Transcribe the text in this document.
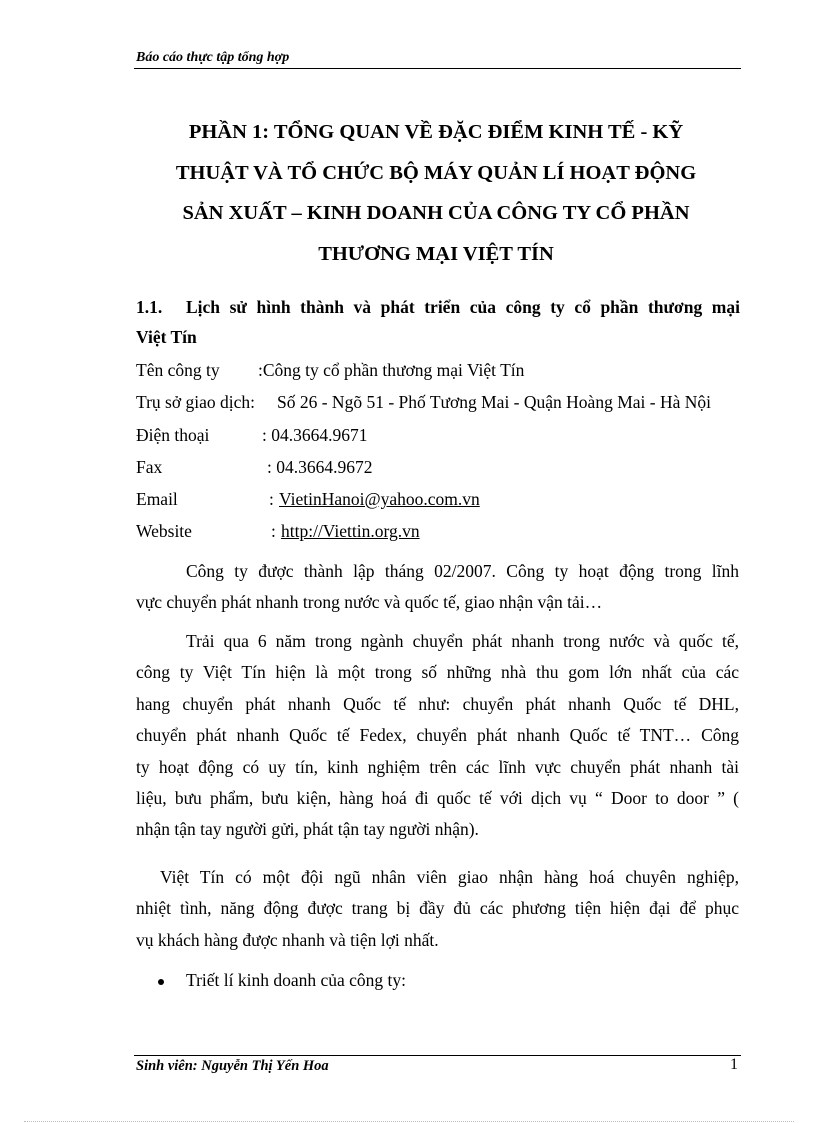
Báo cáo thực tập tổng hợp
PHẦN 1: TỔNG QUAN VỀ ĐẶC ĐIỂM KINH TẾ - KỸ
THUẬT VÀ TỔ CHỨC BỘ MÁY QUẢN LÍ HOẠT ĐỘNG
SẢN XUẤT – KINH DOANH CỦA CÔNG TY CỔ PHẦN
THƯƠNG MẠI VIỆT TÍN
1.1.	Lịch sử hình thành và phát triển của công ty cổ phần thương mại
Việt Tín
Tên công ty :Công ty cổ phần thương mại Việt Tín
Trụ sở giao dịch: Số 26 - Ngõ 51 - Phố Tương Mai - Quận Hoàng Mai - Hà Nội
Điện thoại	: 04.3664.9671
Fax	: 04.3664.9672
Email	: VietinHanoi@yahoo.com.vn
Website	: http://Viettin.org.vn
Công ty được thành lập tháng 02/2007. Công ty hoạt động trong lĩnh
vực chuyển phát nhanh trong nước và quốc tế, giao nhận vận tải…
Trải qua 6 năm trong ngành chuyển phát nhanh trong nước và quốc tế,
công ty Việt Tín hiện là một trong số những nhà thu gom lớn nhất của các
hang chuyển phát nhanh Quốc tế như: chuyển phát nhanh Quốc tế DHL,
chuyển phát nhanh Quốc tế Fedex, chuyển phát nhanh Quốc tế TNT… Công
ty hoạt động có uy tín, kinh nghiệm trên các lĩnh vực chuyển phát nhanh tài
liệu, bưu phẩm, bưu kiện, hàng hoá đi quốc tế với dịch vụ “ Door to door ” (
nhận tận tay người gửi, phát tận tay người nhận).
Việt Tín có một đội ngũ nhân viên giao nhận hàng hoá chuyên nghiệp,
nhiệt tình, năng động được trang bị đầy đủ các phương tiện hiện đại để phục
vụ khách hàng được nhanh và tiện lợi nhất.
Triết lí kinh doanh của công ty:
Sinh viên: Nguyễn Thị Yến Hoa	1
